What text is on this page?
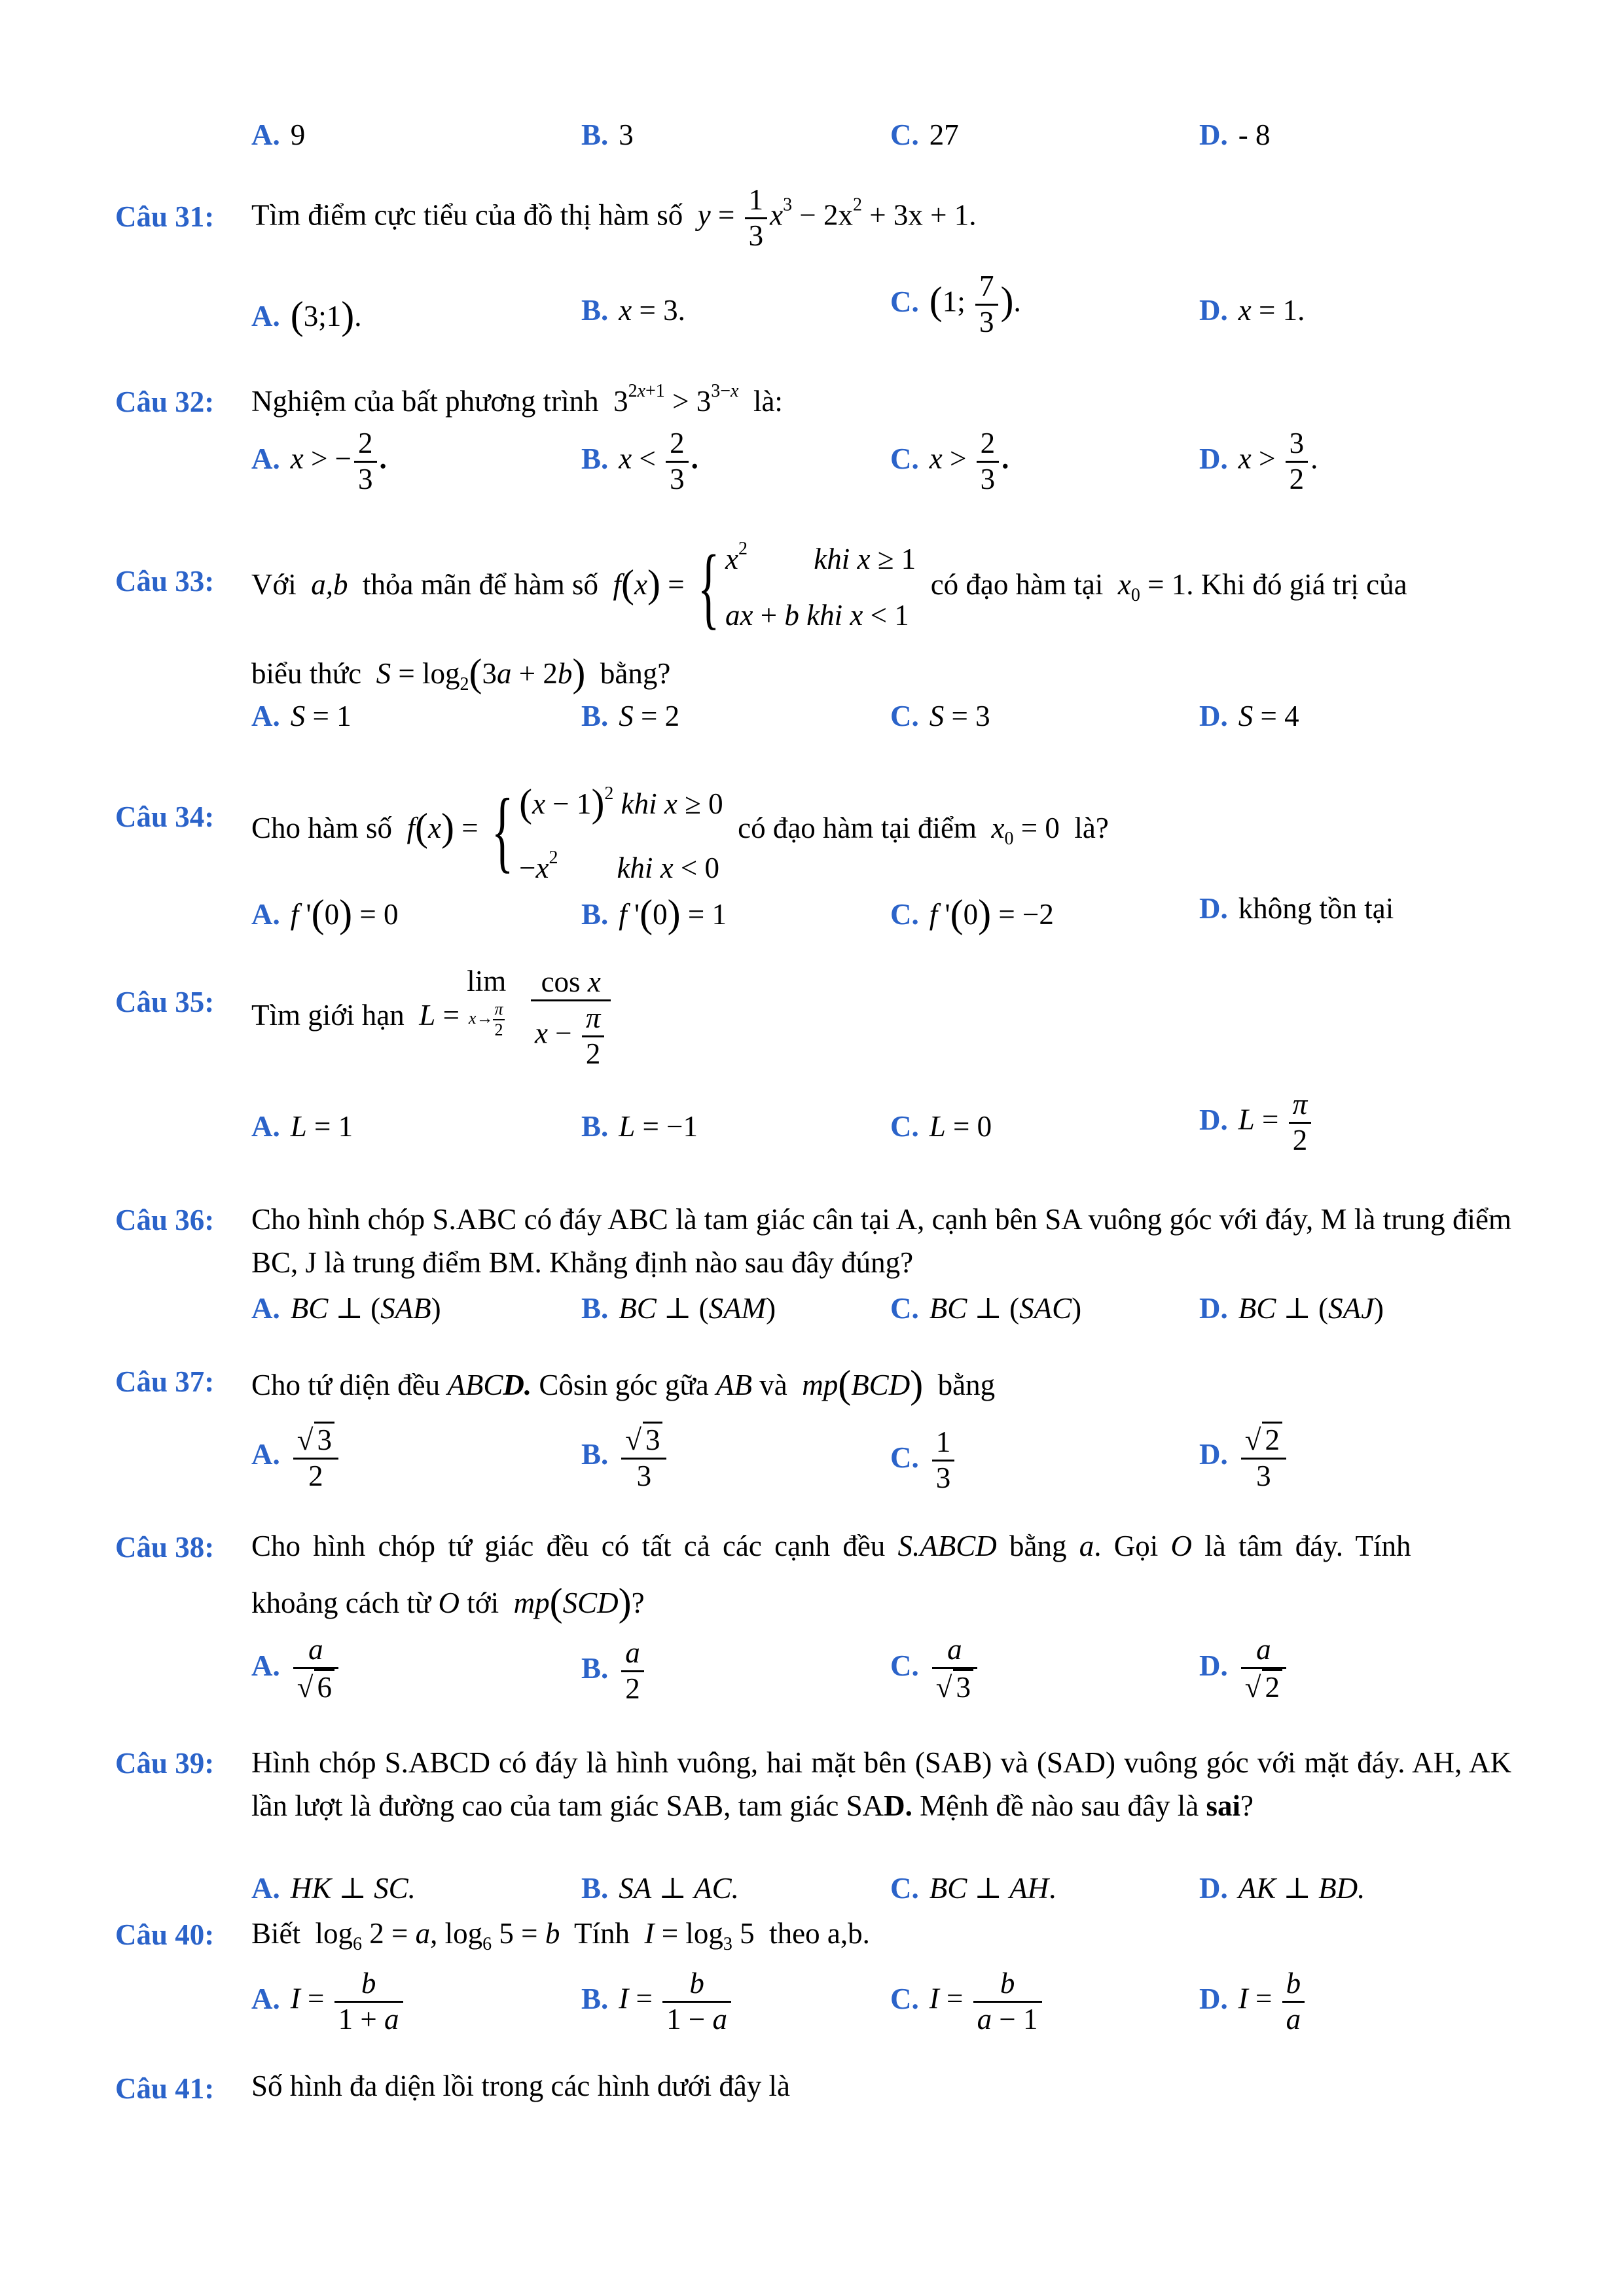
A. 9	B. 3	C. 27	D. - 8
Câu 31: Tìm điểm cực tiểu của đồ thị hàm số $y = \frac{1}{3} x^3 - 2x^2 + 3x + 1$.
A. (3;1).	B. x = 3.	C. (1; $\frac{7}{3}$ ).	D. x = 1.
Câu 32: Nghiệm của bất phương trình  $3^{2x+1} > 3^{3-x}$ là:
A. x > − $\frac{2}{3}$ .	B. $x < \frac{2}{3}$ .	C. $x > \frac{2}{3}$ .	D. $x > \frac{3}{2}$ .
Câu 33: Với a,b thỏa mãn để hàm số f(x) = { $x^2$ khi x ≥ 1
ax + b khi x < 1
có đạo hàm tại $x_0 = 1$. Khi đó giá trị của
biểu thức $S = \log_2(3a + 2b)$ bằng?
A. S = 1	B. S = 2	C. S = 3	D. S = 4
Câu 34: Cho hàm số f(x) = { $(x - 1)^2$ khi x ≥ 0
$-x^2$ khi x < 0
có đạo hàm tại điểm $x_0 = 0$  là?
A. f '(0) = 0	B. f '(0) = 1	C. f '(0) = −2	D. không tồn tại
Câu 35: Tìm giới hạn L = lim
$x\to \frac{\pi}{2}$
$\frac{\text{cos x}}{x - \frac{\pi}{2}}$
A. L = 1	B. L = −1	C. L = 0	D. $L = \frac{\pi}{2}$
Câu 36: Cho hình chóp S.ABC có đáy ABC là tam giác cân tại A, cạnh bên SA vuông góc với đáy, M là trung điểm BC, J là trung điểm BM. Khẳng định nào sau đây đúng?
A. BC ⊥ (SAB)	B. BC ⊥ (SAM)	C. BC ⊥ (SAC)	D. BC ⊥ (SAJ)
Câu 37: Cho tứ diện đều ABCD. Côsin góc gữa AB và mp(BCD) bằng
A. $\frac{√ 3}{2}$	B. $\frac{√ 3}{3}$	C. $\frac{1}{3}$	D. $\frac{√ 2}{3}$
Câu 38: Cho hình chóp tứ giác đều có tất cả các cạnh đều S.ABCD bằng a. Gọi O là tâm đáy. Tính
khoảng cách từ O tới mp(SCD)?
A. $\frac{a}{√ 6}$	B. $\frac{a}{2}$	C. $\frac{a}{√ 3}$	D. $\frac{a}{√ 2}$
Câu 39: Hình chóp S.ABCD có đáy là hình vuông, hai mặt bên (SAB) và (SAD) vuông góc với mặt đáy. AH, AK lần lượt là đường cao của tam giác SAB, tam giác SAD. Mệnh đề nào sau đây là sai?
A. HK ⊥ SC.	B. SA ⊥ AC.	C. BC ⊥ AH.	D. AK ⊥ BD.
Câu 40: Biết  $\log_6 2 = a$, $\log_6 5 = b$ Tính $I = \log_3 5$  theo a,b.
A. $I = \frac{b}{1 + a}$	B. $I = \frac{b}{1 - a}$	C. $I = \frac{b}{a - 1}$	D. $I = \frac{b}{a}$
Câu 41: Số hình đa diện lồi trong các hình dưới đây là
